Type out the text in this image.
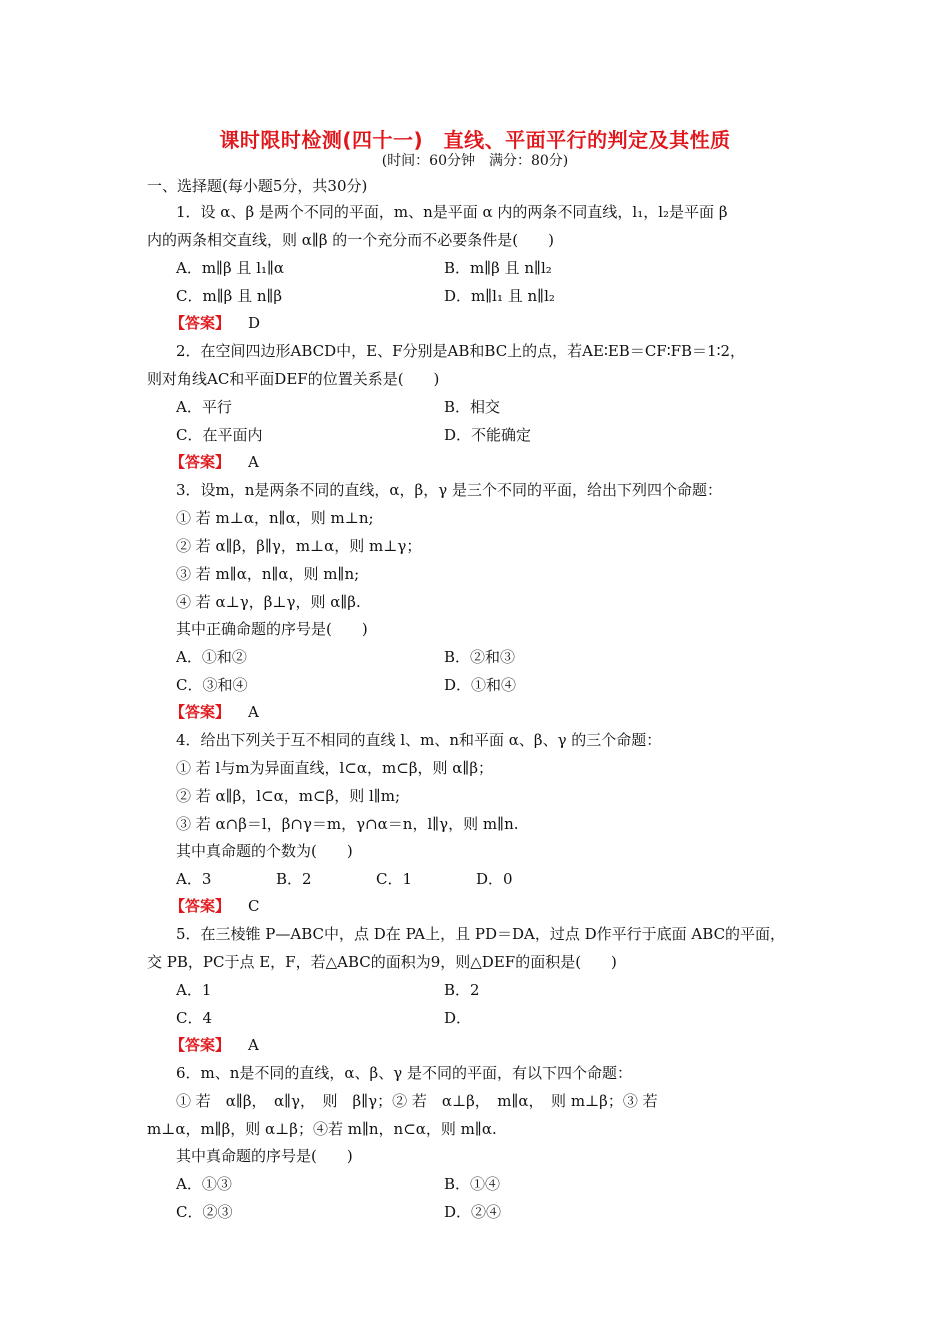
课时限时检测(四十一)　直线、平面平行的判定及其性质
(时间：60分钟　满分：80分)
一、选择题(每小题5分，共30分)
1．设 α、β 是两个不同的平面，m、n是平面 α 内的两条不同直线，l₁，l₂是平面 β
内的两条相交直线，则 α∥β 的一个充分而不必要条件是(　　)
A．m∥β 且 l₁∥α	B．m∥β 且 n∥l₂
C．m∥β 且 n∥β	D．m∥l₁ 且 n∥l₂
【答案】 D
2．在空间四边形ABCD中，E、F分别是AB和BC上的点，若AE∶EB＝CF∶FB＝1∶2，
则对角线AC和平面DEF的位置关系是(　　)
A．平行	B．相交
C．在平面内	D．不能确定
【答案】 A
3．设m，n是两条不同的直线，α，β，γ 是三个不同的平面，给出下列四个命题：
① 若 m⊥α，n∥α，则 m⊥n;
② 若 α∥β，β∥γ，m⊥α，则 m⊥γ；
③ 若 m∥α，n∥α，则 m∥n;
④ 若 α⊥γ，β⊥γ，则 α∥β.
其中正确命题的序号是(　　)
A．①和②	B．②和③
C．③和④	D．①和④
【答案】 A
4．给出下列关于互不相同的直线 l、m、n和平面 α、β、γ 的三个命题：
① 若 l与m为异面直线，l⊂α，m⊂β，则 α∥β；
② 若 α∥β，l⊂α，m⊂β，则 l∥m;
③ 若 α∩β＝l，β∩γ＝m，γ∩α＝n，l∥γ，则 m∥n.
其中真命题的个数为(　　)
A．3	B．2	C．1	D．0
【答案】 C
5．在三棱锥 P—ABC中，点 D在 PA上，且 PD＝DA，过点 D作平行于底面 ABC的平面，
交 PB，PC于点 E，F，若△ABC的面积为9，则△DEF的面积是(　　)
A．1	B．2
C．4	D．
【答案】 A
6．m、n是不同的直线，α、β、γ 是不同的平面，有以下四个命题：
① 若　α∥β，　α∥γ，　则　β∥γ；② 若　α⊥β，　m∥α，　则 m⊥β；③ 若
m⊥α，m∥β，则 α⊥β；④若 m∥n，n⊂α，则 m∥α.
其中真命题的序号是(　　)
A．①③	B．①④
C．②③	D．②④
